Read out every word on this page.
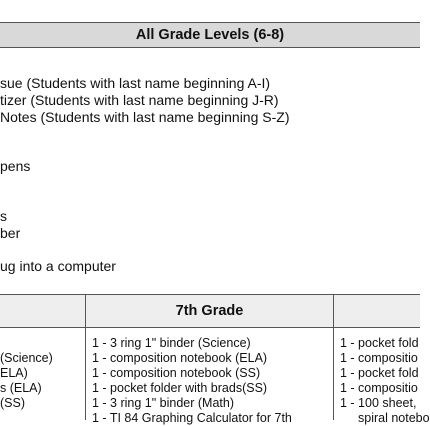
All Grade Levels (6-8)
sue (Students with last name beginning A-I)
tizer (Students with last name beginning J-R)
Notes (Students with last name beginning S-Z)
pens
s
ber
ug into a computer
7th Grade
(Science)
ELA)
s (ELA)
(SS)
1 - 3 ring 1" binder (Science)
1 - composition notebook (ELA)
1 - composition notebook (SS)
1 - pocket folder with brads(SS)
1 - 3 ring 1" binder (Math)
1 - TI 84 Graphing Calculator for 7th
1 - pocket fold
1 - compositio
1 - pocket fold
1 - compositio
1 - 100 sheet,
spiral notebo
